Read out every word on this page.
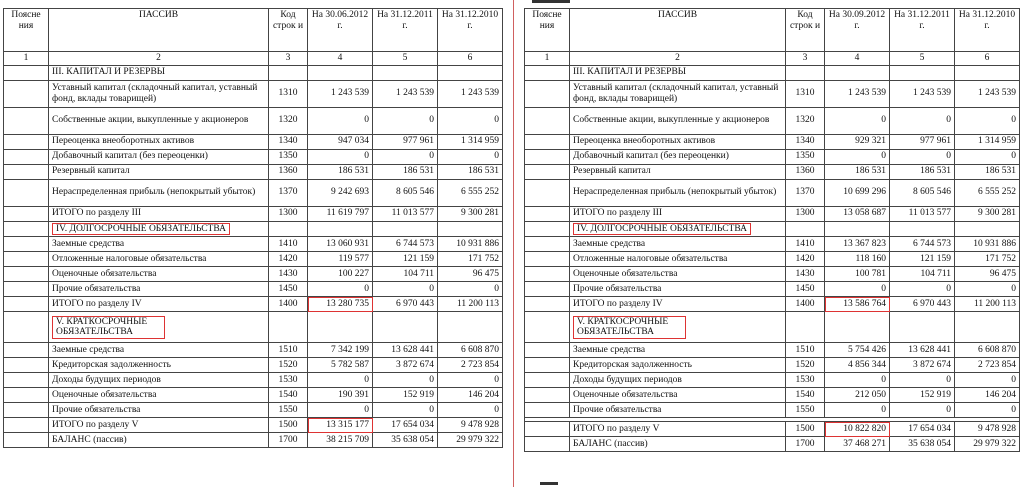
Поясне ния	ПАССИВ	Код строк и	На 30.06.2012 г.	На 31.12.2011 г.	На 31.12.2010 г.
1	2	3	4	5	6
	III. КАПИТАЛ И РЕЗЕРВЫ				
	Уставный капитал (складочный капитал, уставный фонд, вклады товарищей)	1310	1 243 539	1 243 539	1 243 539
	Собственные акции, выкупленные у акционеров	1320	0	0	0
	Переоценка внеоборотных активов	1340	947 034	977 961	1 314 959
	Добавочный капитал (без переоценки)	1350	0	0	0
	Резервный капитал	1360	186 531	186 531	186 531
	Нераспределенная прибыль (непокрытый убыток)	1370	9 242 693	8 605 546	6 555 252
	ИТОГО по разделу III	1300	11 619 797	11 013 577	9 300 281
	IV. ДОЛГОСРОЧНЫЕ ОБЯЗАТЕЛЬСТВА				
	Заемные средства	1410	13 060 931	6 744 573	10 931 886
	Отложенные налоговые обязательства	1420	119 577	121 159	171 752
	Оценочные обязательства	1430	100 227	104 711	96 475
	Прочие обязательства	1450	0	0	0
	ИТОГО по разделу IV	1400	13 280 735	6 970 443	11 200 113
	V. КРАТКОСРОЧНЫЕ ОБЯЗАТЕЛЬСТВА				
	Заемные средства	1510	7 342 199	13 628 441	6 608 870
	Кредиторская задолженность	1520	5 782 587	3 872 674	2 723 854
	Доходы будущих периодов	1530	0	0	0
	Оценочные обязательства	1540	190 391	152 919	146 204
	Прочие обязательства	1550	0	0	0
	ИТОГО по разделу V	1500	13 315 177	17 654 034	9 478 928
	БАЛАНС (пассив)	1700	38 215 709	35 638 054	29 979 322
Поясне ния	ПАССИВ	Код строк и	На 30.09.2012 г.	На 31.12.2011 г.	На 31.12.2010 г.
1	2	3	4	5	6
	III. КАПИТАЛ И РЕЗЕРВЫ				
	Уставный капитал (складочный капитал, уставный фонд, вклады товарищей)	1310	1 243 539	1 243 539	1 243 539
	Собственные акции, выкупленные у акционеров	1320	0	0	0
	Переоценка внеоборотных активов	1340	929 321	977 961	1 314 959
	Добавочный капитал (без переоценки)	1350	0	0	0
	Резервный капитал	1360	186 531	186 531	186 531
	Нераспределенная прибыль (непокрытый убыток)	1370	10 699 296	8 605 546	6 555 252
	ИТОГО по разделу III	1300	13 058 687	11 013 577	9 300 281
	IV. ДОЛГОСРОЧНЫЕ ОБЯЗАТЕЛЬСТВА				
	Заемные средства	1410	13 367 823	6 744 573	10 931 886
	Отложенные налоговые обязательства	1420	118 160	121 159	171 752
	Оценочные обязательства	1430	100 781	104 711	96 475
	Прочие обязательства	1450	0	0	0
	ИТОГО по разделу IV	1400	13 586 764	6 970 443	11 200 113
	V. КРАТКОСРОЧНЫЕ ОБЯЗАТЕЛЬСТВА				
	Заемные средства	1510	5 754 426	13 628 441	6 608 870
	Кредиторская задолженность	1520	4 856 344	3 872 674	2 723 854
	Доходы будущих периодов	1530	0	0	0
	Оценочные обязательства	1540	212 050	152 919	146 204
	Прочие обязательства	1550	0	0	0

	ИТОГО по разделу V	1500	10 822 820	17 654 034	9 478 928
	БАЛАНС (пассив)	1700	37 468 271	35 638 054	29 979 322
